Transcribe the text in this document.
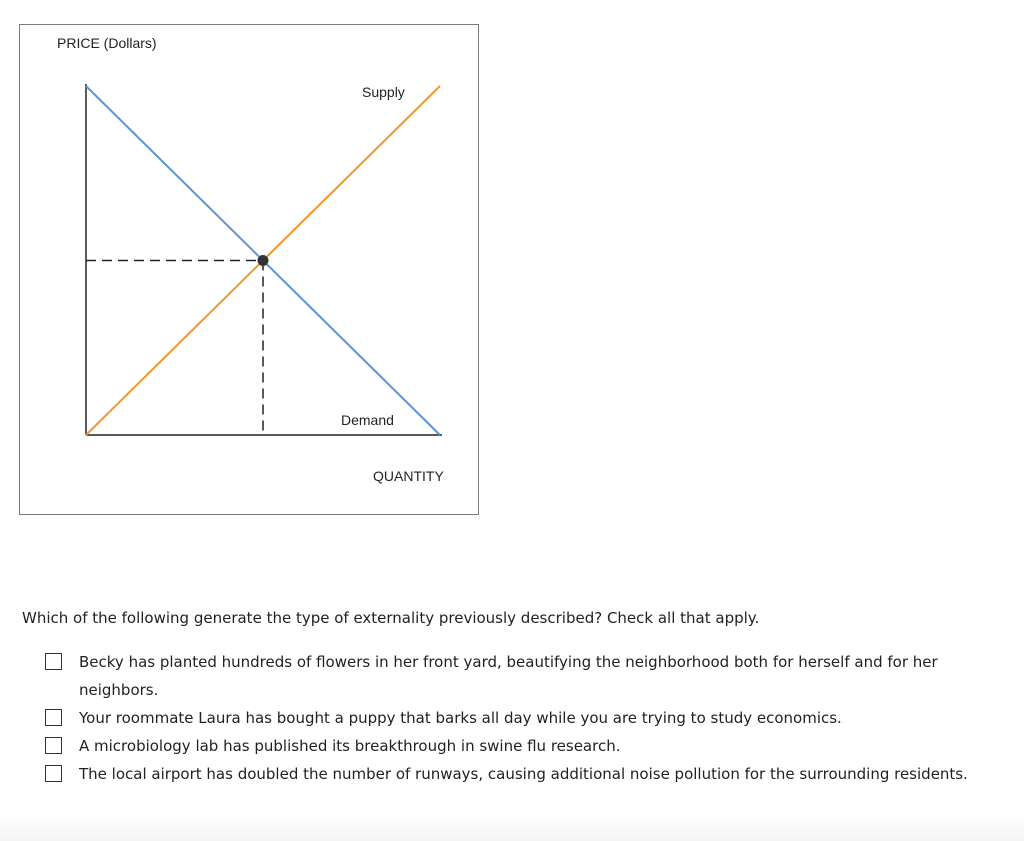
PRICE (Dollars)
Supply
Demand
QUANTITY
Which of the following generate the type of externality previously described? Check all that apply.
Becky has planted hundreds of flowers in her front yard, beautifying the neighborhood both for herself and for her neighbors.
Your roommate Laura has bought a puppy that barks all day while you are trying to study economics.
A microbiology lab has published its breakthrough in swine flu research.
The local airport has doubled the number of runways, causing additional noise pollution for the surrounding residents.
